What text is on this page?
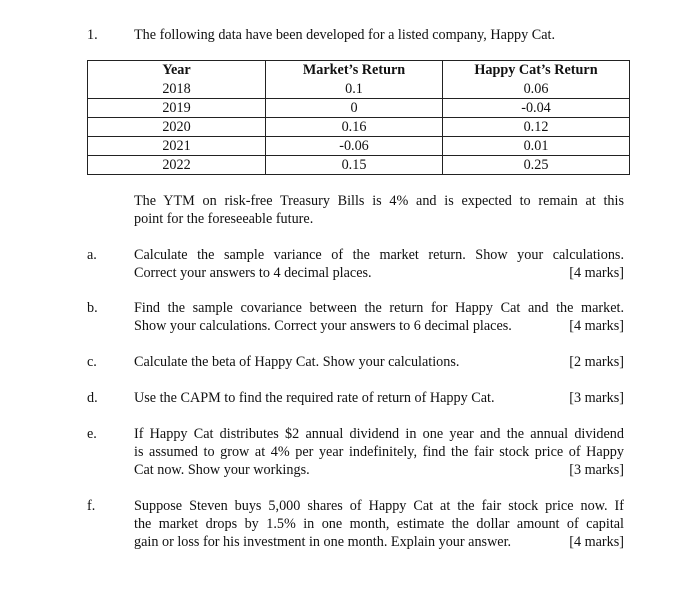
1.	The following data have been developed for a listed company, Happy Cat.
Year	Market’s Return	Happy Cat’s Return
2018	0.1	0.06
2019	0	-0.04
2020	0.16	0.12
2021	-0.06	0.01
2022	0.15	0.25
The YTM on risk-free Treasury Bills is 4% and is expected to remain at this
point for the foreseeable future.
a.	Calculate the sample variance of the market return. Show your calculations.
Correct your answers to 4 decimal places.	[4 marks]
b.	Find the sample covariance between the return for Happy Cat and the market.
Show your calculations. Correct your answers to 6 decimal places.	[4 marks]
c.	Calculate the beta of Happy Cat. Show your calculations.	[2 marks]
d.	Use the CAPM to find the required rate of return of Happy Cat.	[3 marks]
e.	If Happy Cat distributes $2 annual dividend in one year and the annual dividend
is assumed to grow at 4% per year indefinitely, find the fair stock price of Happy
Cat now. Show your workings.	[3 marks]
f.	Suppose Steven buys 5,000 shares of Happy Cat at the fair stock price now. If
the market drops by 1.5% in one month, estimate the dollar amount of capital
gain or loss for his investment in one month. Explain your answer.	[4 marks]
